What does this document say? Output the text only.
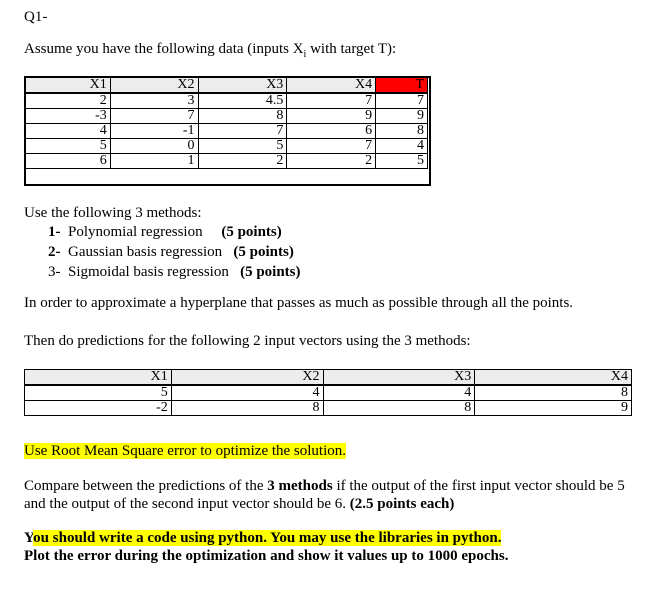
Q1-
Assume you have the following data (inputs $X_i$ with target T):
X1	X2	X3	X4	T
2	3	4.5	7	7
-3	7	8	9	9
4	-1	7	6	8
5	0	5	7	4
6	1	2	2	5
Use the following 3 methods:
1- Polynomial regression (5 points)
2- Gaussian basis regression (5 points)
3- Sigmoidal basis regression (5 points)
In order to approximate a hyperplane that passes as much as possible through all the points.
Then do predictions for the following 2 input vectors using the 3 methods:
X1	X2	X3	X4
5	4	4	8
-2	8	8	9
Use Root Mean Square error to optimize the solution.
Compare between the predictions of the 3 methods if the output of the first input vector should be 5
and the output of the second input vector should be 6. (2.5 points each)
You should write a code using python. You may use the libraries in python.
Plot the error during the optimization and show it values up to 1000 epochs.
